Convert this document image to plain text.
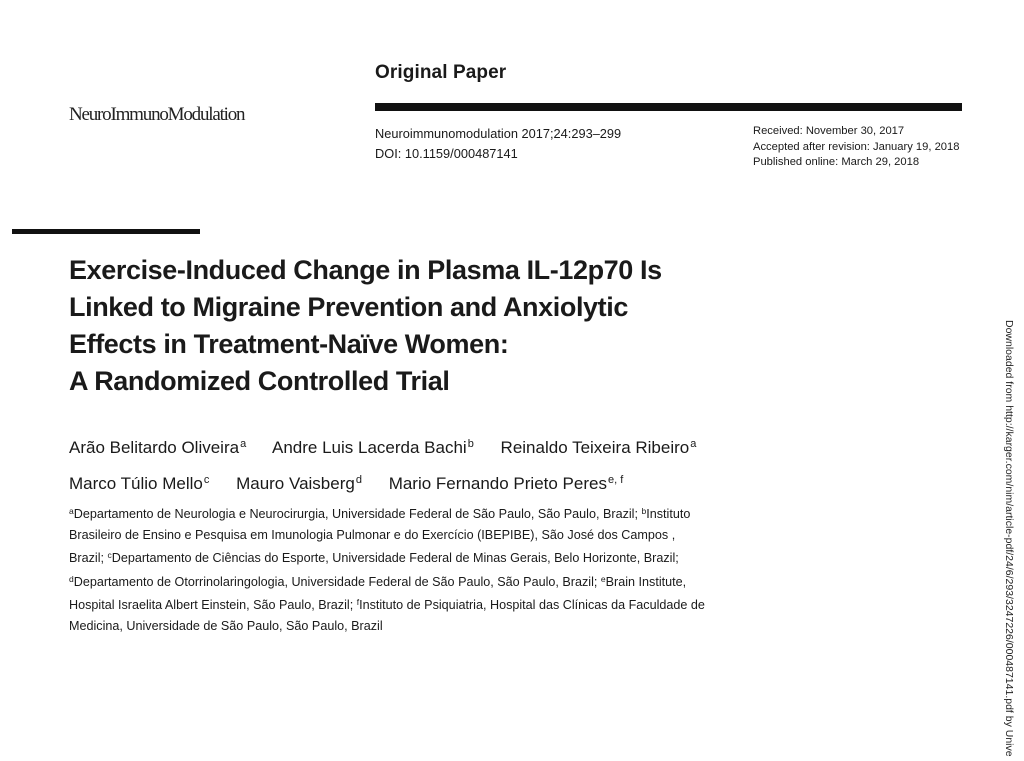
Original Paper
NeuroImmunoModulation
Neuroimmunomodulation 2017;24:293–299
DOI: 10.1159/000487141
Received: November 30, 2017
Accepted after revision: January 19, 2018
Published online: March 29, 2018
Exercise-Induced Change in Plasma IL-12p70 Is
Linked to Migraine Prevention and Anxiolytic
Effects in Treatment-Naïve Women:
A Randomized Controlled Trial
Arão Belitardo Oliveira$^a$ Andre Luis Lacerda Bachi$^b$ Reinaldo Teixeira Ribeiro$^a$
Marco Túlio Mello$^c$ Mauro Vaisberg$^d$ Mario Fernando Prieto Peres$^{e, f}$
$^a$Departamento de Neurologia e Neurocirurgia, Universidade Federal de São Paulo, São Paulo, Brazil; $^b$Instituto
Brasileiro de Ensino e Pesquisa em Imunologia Pulmonar e do Exercício (IBEPIBE), São José dos Campos ,
Brazil; $^c$Departamento de Ciências do Esporte, Universidade Federal de Minas Gerais, Belo Horizonte, Brazil;
$^d$Departamento de Otorrinolaringologia, Universidade Federal de São Paulo, São Paulo, Brazil; $^e$Brain Institute,
Hospital Israelita Albert Einstein, São Paulo, Brazil; $^f$Instituto de Psiquiatria, Hospital das Clínicas da Faculdade de
Medicina, Universidade de São Paulo, São Paulo, Brazil	Downloaded from http://karger.com/nim/article-pdf/24/6/293/3247226/000487141.pdf by Unive
